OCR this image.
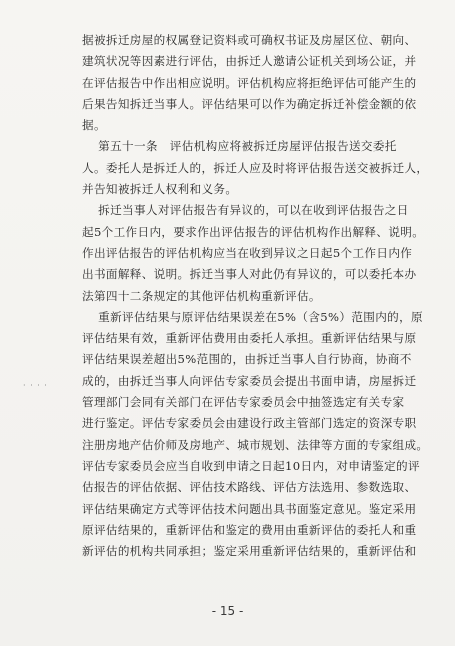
据被拆迁房屋的权属登记资料或可确权书证及房屋区位、朝向、

建筑状况等因素进行评估，由拆迁人邀请公证机关到场公证，并

在评估报告中作出相应说明。评估机构应将拒绝评估可能产生的

后果告知拆迁当事人。评估结果可以作为确定拆迁补偿金额的依

据。

第五十一条　评估机构应将被拆迁房屋评估报告送交委托

人。委托人是拆迁人的，拆迁人应及时将评估报告送交被拆迁人，

并告知被拆迁人权利和义务。

拆迁当事人对评估报告有异议的，可以在收到评估报告之日

起5个工作日内，要求作出评估报告的评估机构作出解释、说明。

作出评估报告的评估机构应当在收到异议之日起5个工作日内作

出书面解释、说明。拆迁当事人对此仍有异议的，可以委托本办

法第四十二条规定的其他评估机构重新评估。

重新评估结果与原评估结果误差在5%（含5%）范围内的，原

评估结果有效，重新评估费用由委托人承担。重新评估结果与原

评估结果误差超出5%范围的，由拆迁当事人自行协商，协商不

成的，由拆迁当事人向评估专家委员会提出书面申请，房屋拆迁

管理部门会同有关部门在评估专家委员会中抽签选定有关专家

进行鉴定。评估专家委员会由建设行政主管部门选定的资深专职

注册房地产估价师及房地产、城市规划、法律等方面的专家组成。

评估专家委员会应当自收到申请之日起10日内，对申请鉴定的评

估报告的评估依据、评估技术路线、评估方法选用、参数选取、

评估结果确定方式等评估技术问题出具书面鉴定意见。鉴定采用

原评估结果的，重新评估和鉴定的费用由重新评估的委托人和重

新评估的机构共同承担；鉴定采用重新评估结果的，重新评估和

· · · ·
- 15 -
